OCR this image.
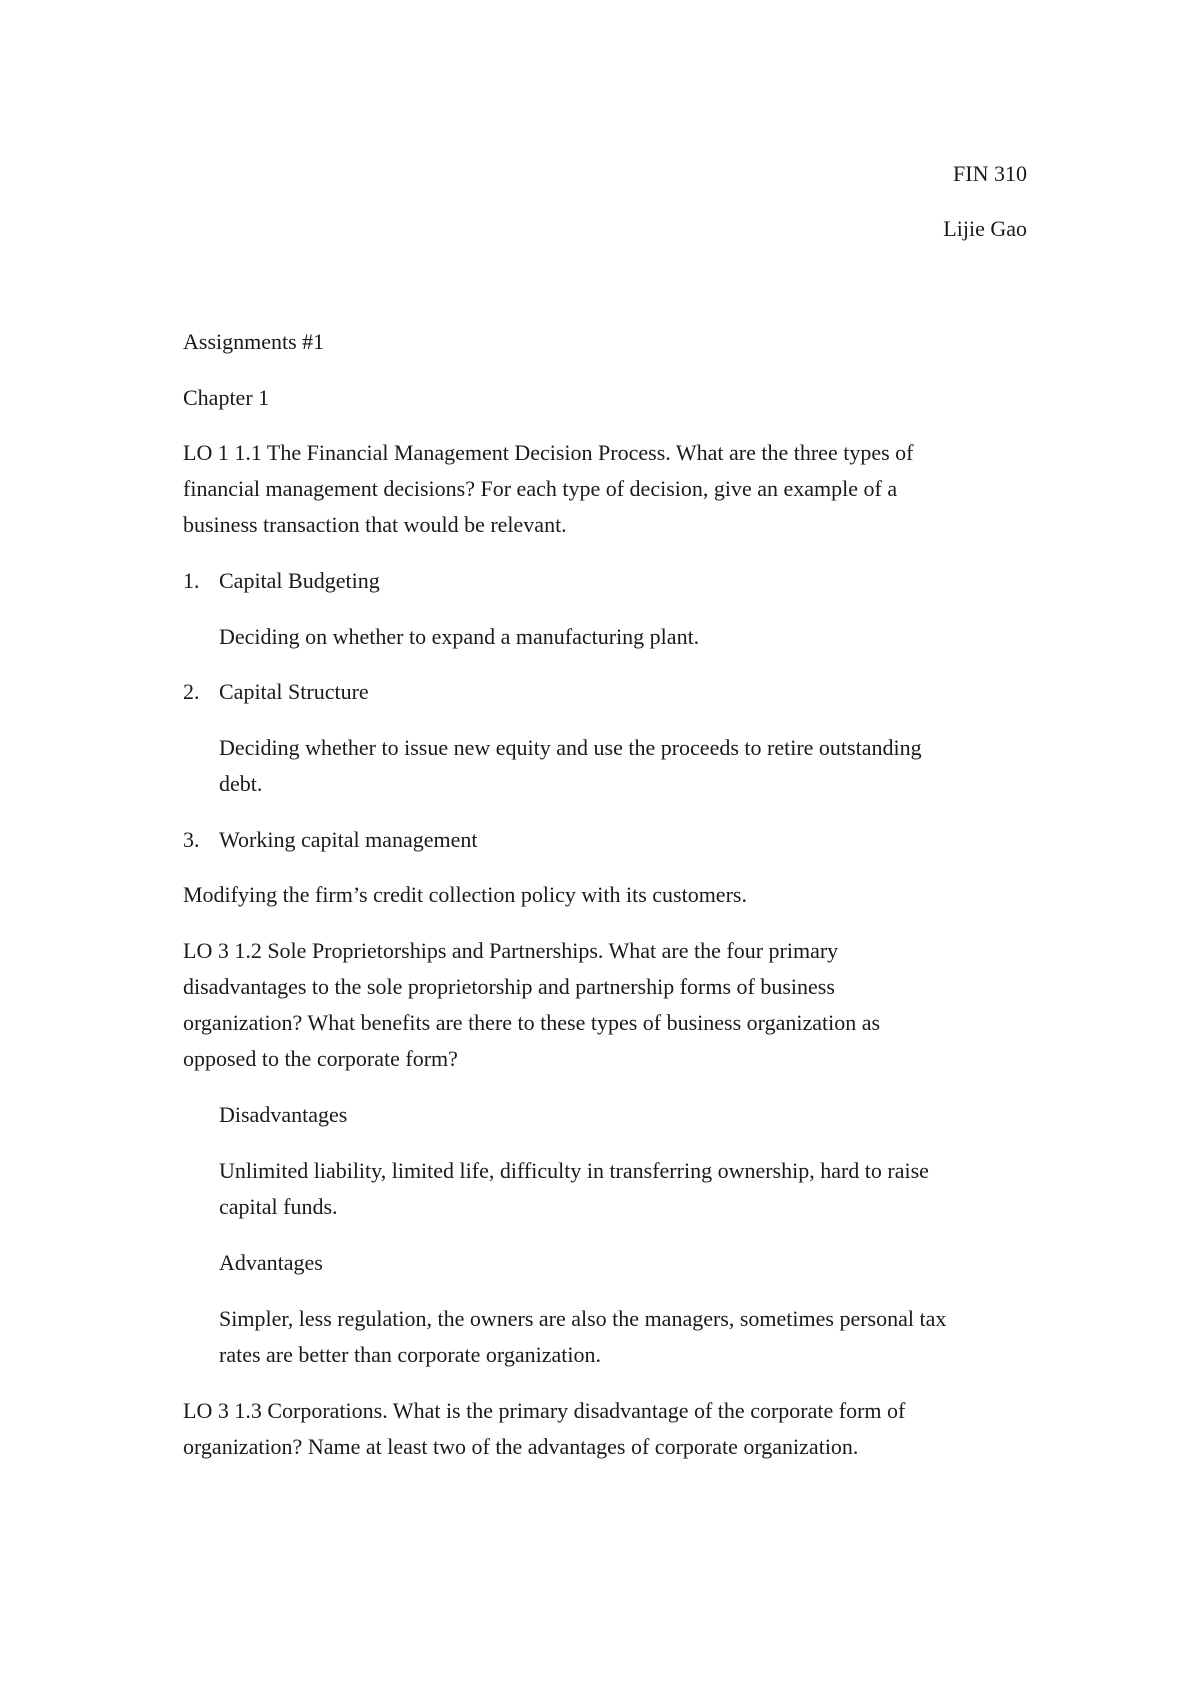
FIN 310
Lijie Gao
Assignments #1
Chapter 1
LO 1 1.1 The Financial Management Decision Process. What are the three types of
financial management decisions? For each type of decision, give an example of a
business transaction that would be relevant.
1. Capital Budgeting
Deciding on whether to expand a manufacturing plant.
2. Capital Structure
Deciding whether to issue new equity and use the proceeds to retire outstanding
debt.
3. Working capital management
Modifying the firm’s credit collection policy with its customers.
LO 3 1.2 Sole Proprietorships and Partnerships. What are the four primary
disadvantages to the sole proprietorship and partnership forms of business
organization? What benefits are there to these types of business organization as
opposed to the corporate form?
Disadvantages
Unlimited liability, limited life, difficulty in transferring ownership, hard to raise
capital funds.
Advantages
Simpler, less regulation, the owners are also the managers, sometimes personal tax
rates are better than corporate organization.
LO 3 1.3 Corporations. What is the primary disadvantage of the corporate form of
organization? Name at least two of the advantages of corporate organization.
